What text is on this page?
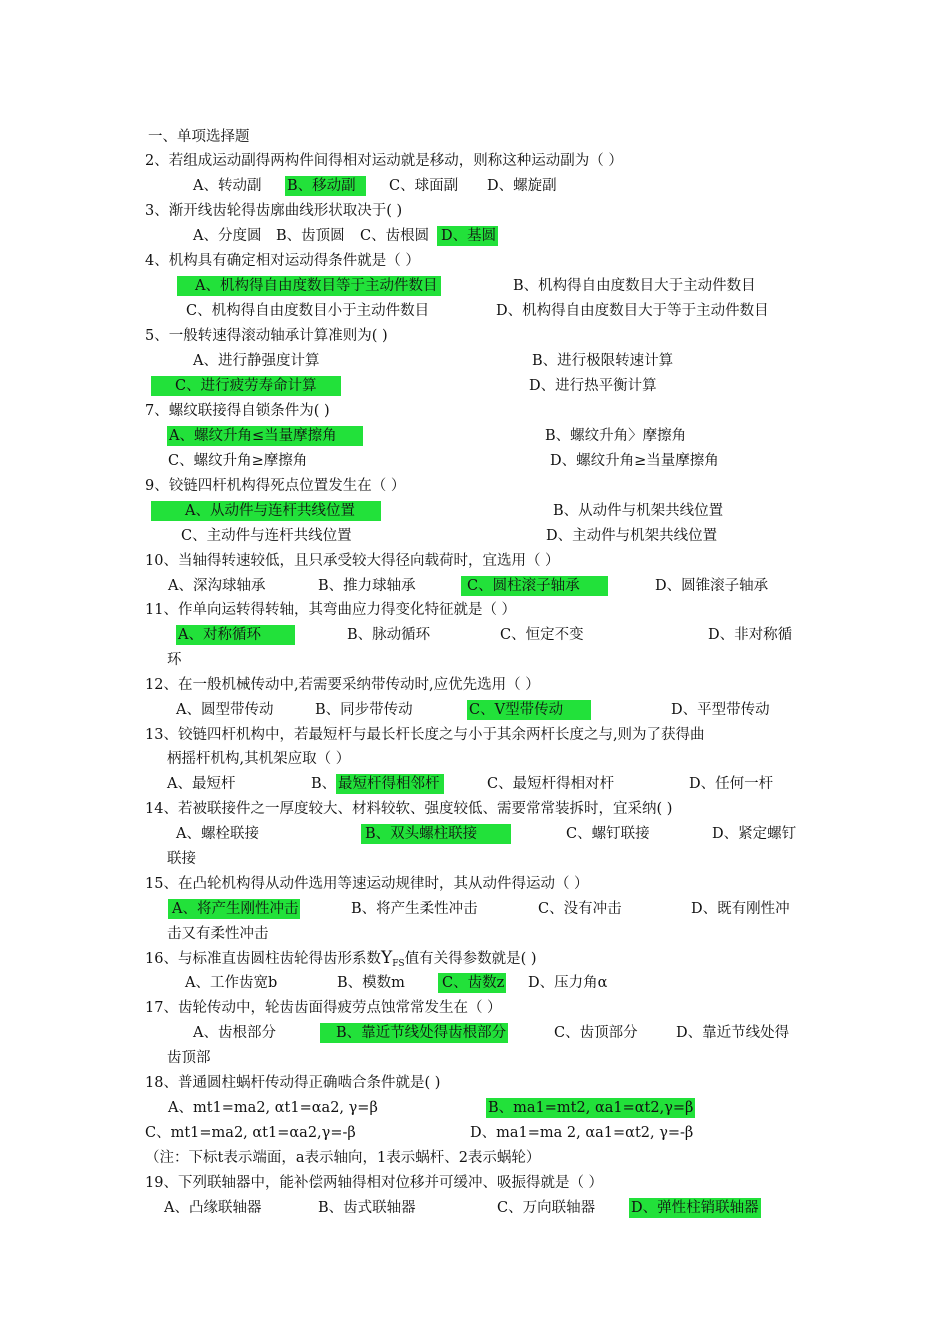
一、单项选择题
2、若组成运动副得两构件间得相对运动就是移动，则称这种运动副为（ ）
A、转动副 B、移动副	C、球面副 D、螺旋副
3、渐开线齿轮得齿廓曲线形状取决于( )
A、分度圆 B、齿顶圆 C、齿根圆 D、基圆
4、机构具有确定相对运动得条件就是（ ）
A、机构得自由度数目等于主动件数目	B、机构得自由度数目大于主动件数目
C、机构得自由度数目小于主动件数目	D、机构得自由度数目大于等于主动件数目
5、一般转速得滚动轴承计算准则为( )
A、进行静强度计算	B、进行极限转速计算
C、进行疲劳寿命计算	D、进行热平衡计算
7、螺纹联接得自锁条件为( )
A、螺纹升角≤当量摩擦角	B、螺纹升角〉摩擦角
C、螺纹升角≥摩擦角	D、螺纹升角≥当量摩擦角
9、铰链四杆机构得死点位置发生在（ ）
A、从动件与连杆共线位置	B、从动件与机架共线位置
C、主动件与连杆共线位置	D、主动件与机架共线位置
10、当轴得转速较低，且只承受较大得径向载荷时，宜选用（ ）
A、深沟球轴承	B、推力球轴承	C、圆柱滚子轴承	D、圆锥滚子轴承
11、作单向运转得转轴，其弯曲应力得变化特征就是（ ）
A、对称循环	B、脉动循环	C、恒定不变	D、非对称循
环
12、在一般机械传动中,若需要采纳带传动时,应优先选用（ ）
A、圆型带传动	B、同步带传动	C、V型带传动	D、平型带传动
13、铰链四杆机构中，若最短杆与最长杆长度之与小于其余两杆长度之与,则为了获得曲
柄摇杆机构,其机架应取（ ）
A、最短杆	B、 最短杆得相邻杆	C、最短杆得相对杆	D、任何一杆
14、若被联接件之一厚度较大、材料较软、强度较低、需要常常装拆时，宜采纳( )
A、螺栓联接	B、双头螺柱联接	C、螺钉联接	D、紧定螺钉
联接
15、在凸轮机构得从动件选用等速运动规律时，其从动件得运动（ ）
A、将产生刚性冲击	B、将产生柔性冲击	C、没有冲击	D、既有刚性冲
击又有柔性冲击
16、与标准直齿圆柱齿轮得齿形系数$Y_{FS}$值有关得参数就是( )
A、工作齿宽b	B、模数m	C、齿数z D、压力角α
17、齿轮传动中，轮齿齿面得疲劳点蚀常常发生在（ ）
A、齿根部分	B、靠近节线处得齿根部分	C、齿顶部分	D、靠近节线处得
齿顶部
18、普通圆柱蜗杆传动得正确啮合条件就是( )
A、mt1=ma2, αt1=αa2, γ=β	B、ma1=mt2, αa1=αt2,γ=β
C、mt1=ma2, αt1=αa2,γ=-β	D、ma1=ma 2, αa1=αt2, γ=-β
（注：下标t表示端面，a表示轴向，1表示蜗杆、2表示蜗轮）
19、下列联轴器中，能补偿两轴得相对位移并可缓冲、吸振得就是（ ）
A、凸缘联轴器	B、齿式联轴器	C、万向联轴器 D、弹性柱销联轴器
